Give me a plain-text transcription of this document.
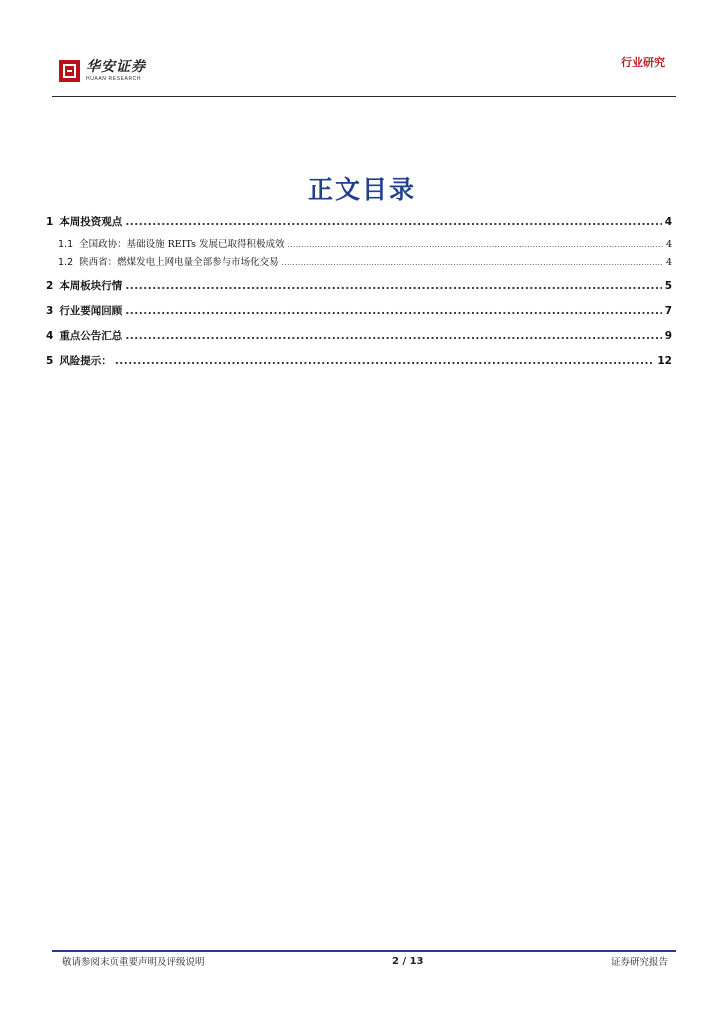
华安证券
HUAAN RESEARCH
行业研究
正文目录
1 本周投资观点 .....	4
1.1 全国政协：基础设施 REITs 发展已取得积极成效 .....	4
1.2 陕西省：燃煤发电上网电量全部参与市场化交易 .....	4
2 本周板块行情 .....	5
3 行业要闻回顾 .....	7
4 重点公告汇总 .....	9
5 风险提示： .....	12
敬请参阅末页重要声明及评级说明	2 / 13	证券研究报告
